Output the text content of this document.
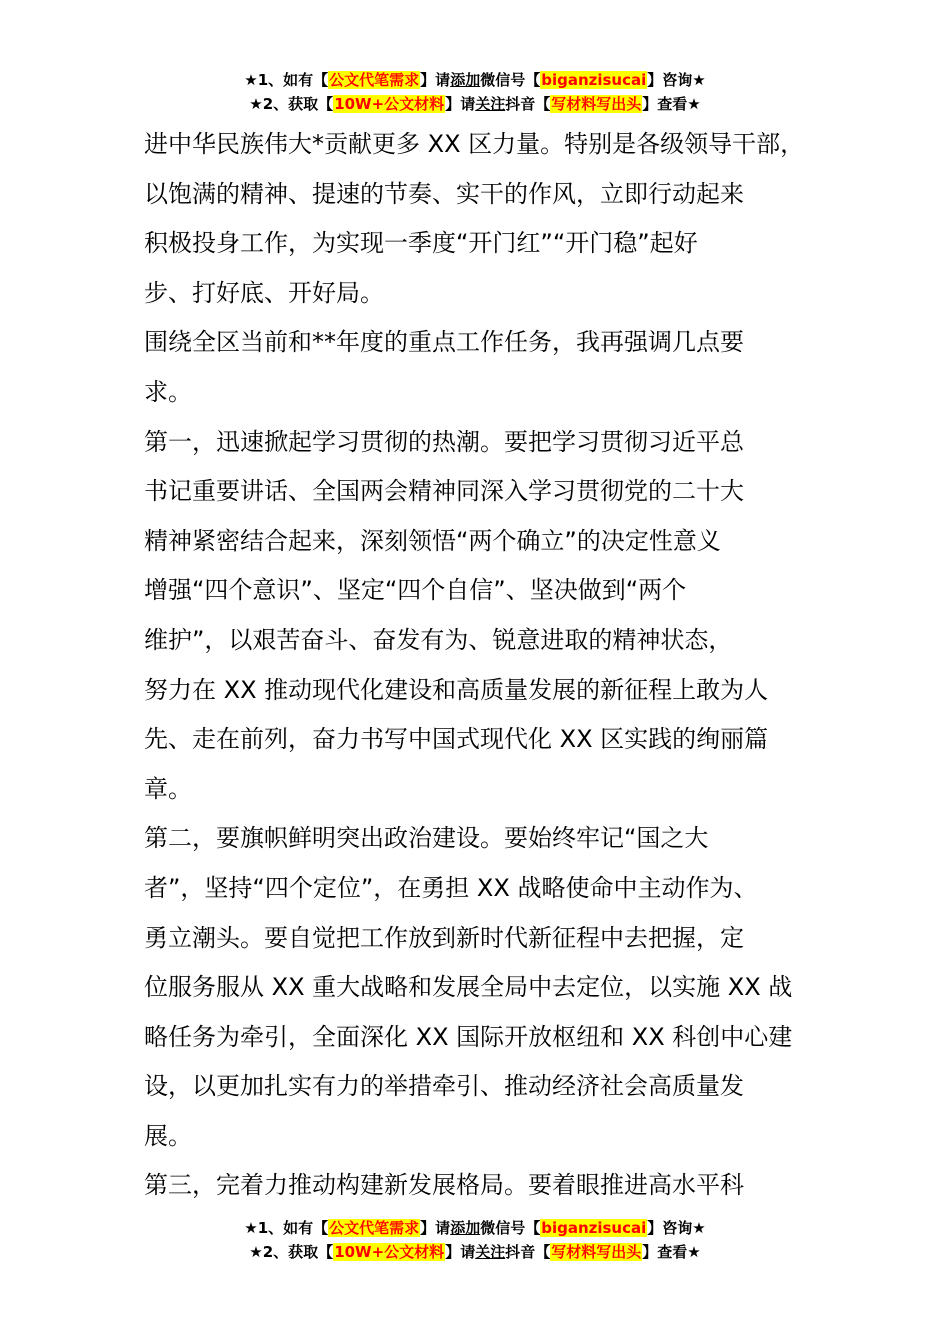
★1、如有【公文代笔需求】请添加微信号【biganzisucai】咨询★
★2、获取【10W+公文材料】请关注抖音【写材料写出头】查看★

进中华民族伟大*贡献更多 XX 区力量。特别是各级领导干部，
以饱满的精神、提速的节奏、实干的作风，立即行动起来
积极投身工作，为实现一季度“开门红”“开门稳”起好
步、打好底、开好局。

围绕全区当前和**年度的重点工作任务，我再强调几点要
求。

第一，迅速掀起学习贯彻的热潮。要把学习贯彻习近平总
书记重要讲话、全国两会精神同深入学习贯彻党的二十大
精神紧密结合起来，深刻领悟“两个确立”的决定性意义
增强“四个意识”、坚定“四个自信”、坚决做到“两个
维护”，以艰苦奋斗、奋发有为、锐意进取的精神状态，
努力在 XX 推动现代化建设和高质量发展的新征程上敢为人
先、走在前列，奋力书写中国式现代化 XX 区实践的绚丽篇
章。

第二，要旗帜鲜明突出政治建设。要始终牢记“国之大
者”，坚持“四个定位”，在勇担 XX 战略使命中主动作为、
勇立潮头。要自觉把工作放到新时代新征程中去把握，定
位服务服从 XX 重大战略和发展全局中去定位，以实施 XX 战
略任务为牵引，全面深化 XX 国际开放枢纽和 XX 科创中心建
设，以更加扎实有力的举措牵引、推动经济社会高质量发
展。

第三，完着力推动构建新发展格局。要着眼推进高水平科

★1、如有【公文代笔需求】请添加微信号【biganzisucai】咨询★
★2、获取【10W+公文材料】请关注抖音【写材料写出头】查看★
